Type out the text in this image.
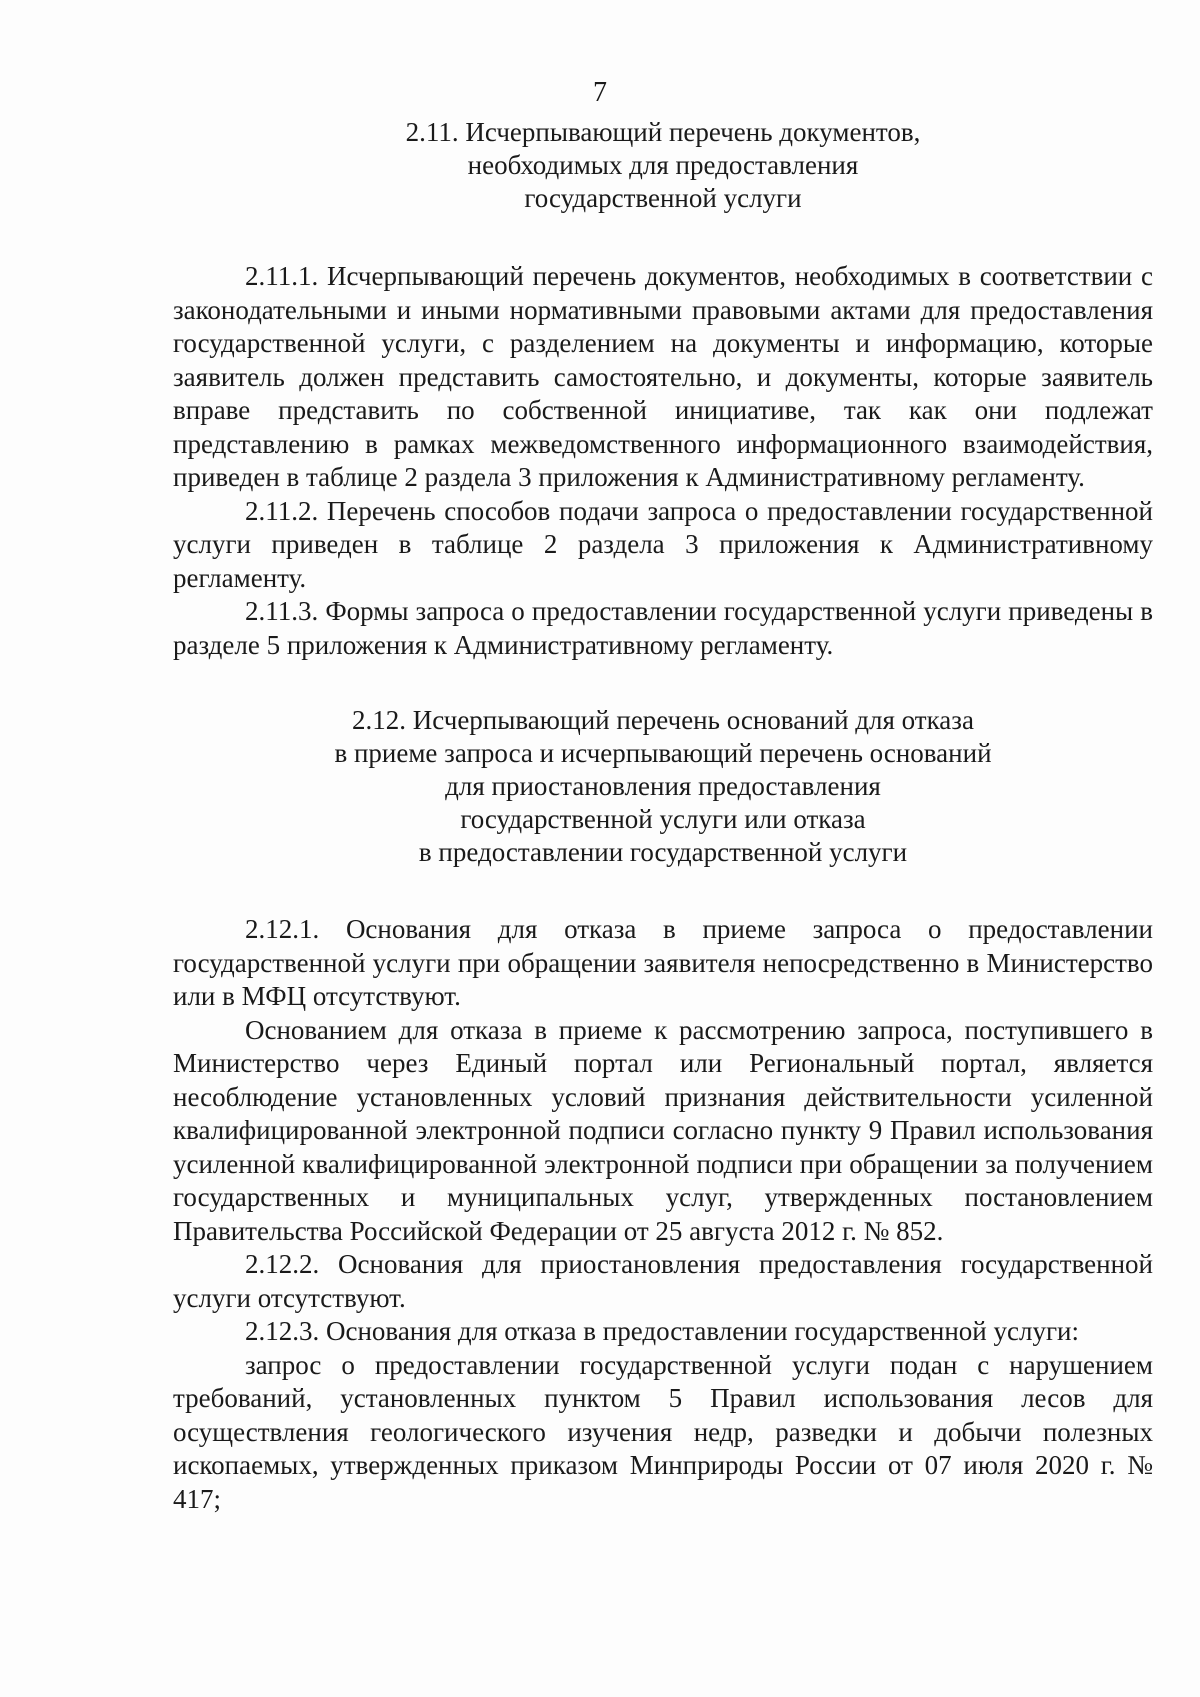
7
2.11. Исчерпывающий перечень документов,
необходимых для предоставления
государственной услуги

2.11.1. Исчерпывающий перечень документов, необходимых в соответствии с законодательными и иными нормативными правовыми актами для предоставления государственной услуги, с разделением на документы и информацию, которые заявитель должен представить самостоятельно, и документы, которые заявитель вправе представить по собственной инициативе, так как они подлежат представлению в рамках межведомственного информационного взаимодействия, приведен в таблице 2 раздела 3 приложения к Административному регламенту.

2.11.2. Перечень способов подачи запроса о предоставлении государственной услуги приведен в таблице 2 раздела 3 приложения к Административному регламенту.

2.11.3. Формы запроса о предоставлении государственной услуги приведены в разделе 5 приложения к Административному регламенту.

2.12. Исчерпывающий перечень оснований для отказа
в приеме запроса и исчерпывающий перечень оснований
для приостановления предоставления
государственной услуги или отказа
в предоставлении государственной услуги

2.12.1. Основания для отказа в приеме запроса о предоставлении государственной услуги при обращении заявителя непосредственно в Министерство или в МФЦ отсутствуют.

Основанием для отказа в приеме к рассмотрению запроса, поступившего в Министерство через Единый портал или Региональный портал, является несоблюдение установленных условий признания действительности усиленной квалифицированной электронной подписи согласно пункту 9 Правил использования усиленной квалифицированной электронной подписи при обращении за получением государственных и муниципальных услуг, утвержденных постановлением Правительства Российской Федерации от 25 августа 2012 г. № 852.

2.12.2. Основания для приостановления предоставления государственной услуги отсутствуют.

2.12.3. Основания для отказа в предоставлении государственной услуги:

запрос о предоставлении государственной услуги подан с нарушением требований, установленных пунктом 5 Правил использования лесов для осуществления геологического изучения недр, разведки и добычи полезных ископаемых, утвержденных приказом Минприроды России от 07 июля 2020 г. № 417;
